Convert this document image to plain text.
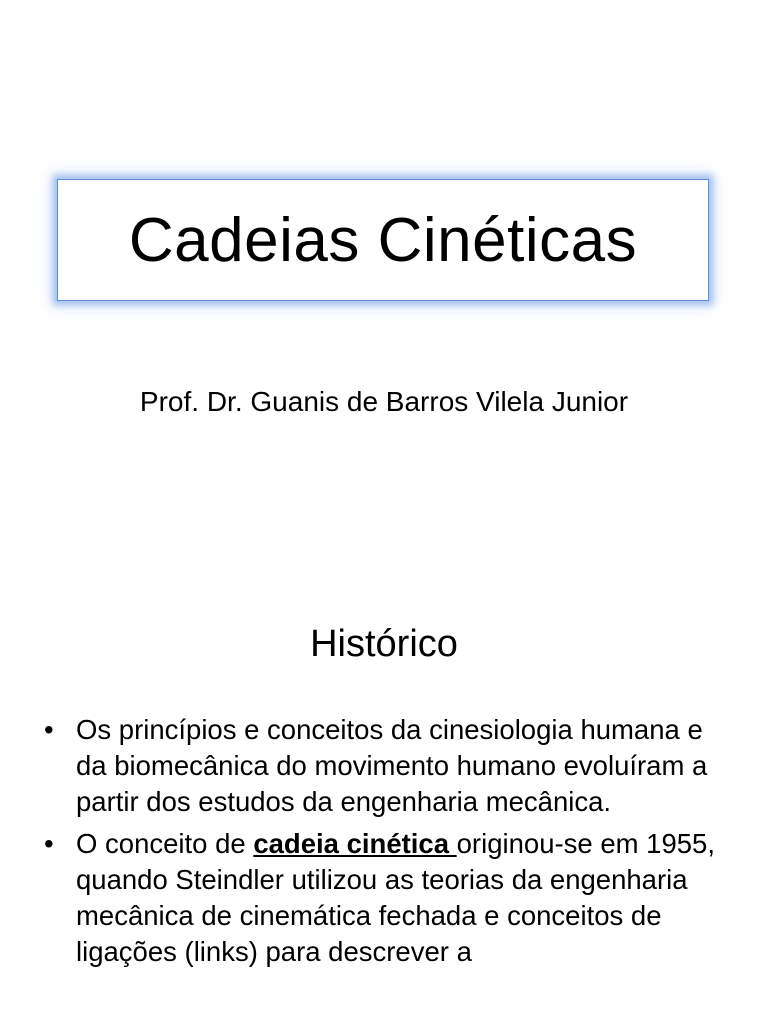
Cadeias Cinéticas
Prof. Dr. Guanis de Barros Vilela Junior
Histórico
• Os princípios e conceitos da cinesiologia humana e da biomecânica do movimento humano evoluíram a partir dos estudos da engenharia mecânica.
• O conceito de cadeia cinética originou-se em 1955, quando Steindler utilizou as teorias da engenharia mecânica de cinemática fechada e conceitos de ligações (links) para descrever a
